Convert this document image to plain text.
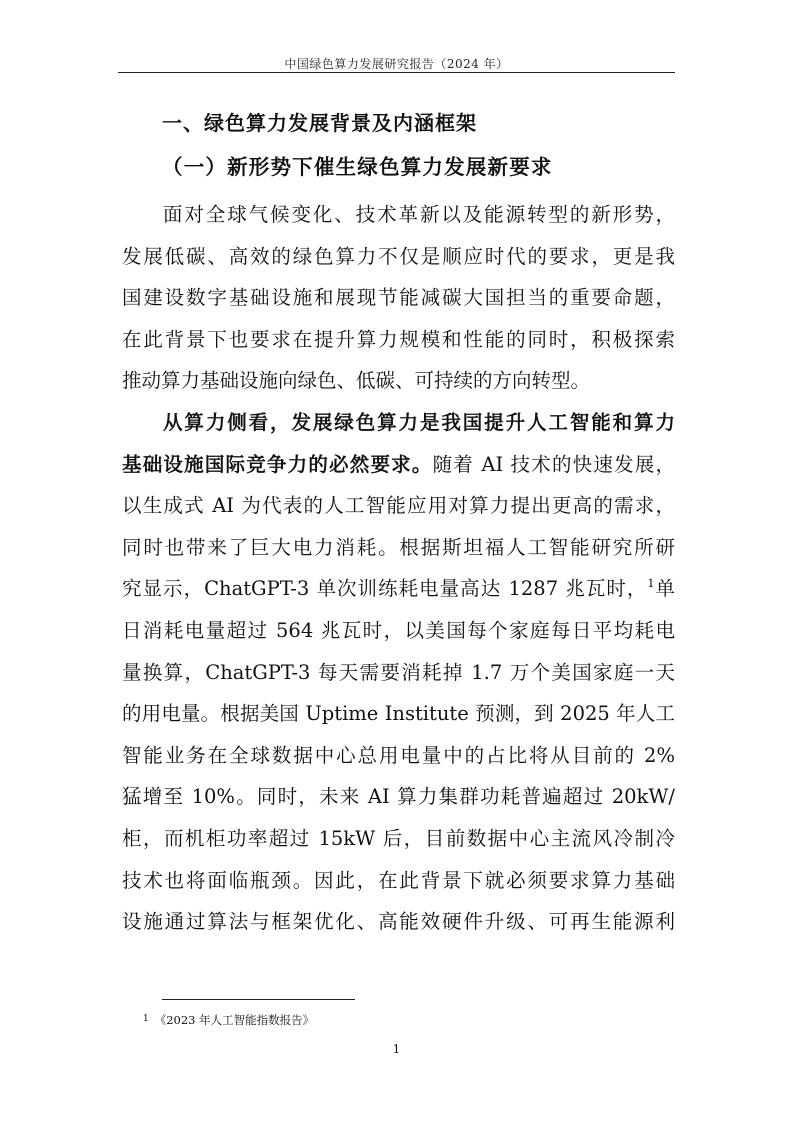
中国绿色算力发展研究报告（2024 年）
一、绿色算力发展背景及内涵框架
（一）新形势下催生绿色算力发展新要求
面对全球气候变化、技术革新以及能源转型的新形势，
发展低碳、高效的绿色算力不仅是顺应时代的要求，更是我
国建设数字基础设施和展现节能减碳大国担当的重要命题，
在此背景下也要求在提升算力规模和性能的同时，积极探索
推动算力基础设施向绿色、低碳、可持续的方向转型。
从算力侧看，发展绿色算力是我国提升人工智能和算力
基础设施国际竞争力的必然要求。随着 AI 技术的快速发展，
以生成式 AI 为代表的人工智能应用对算力提出更高的需求，
同时也带来了巨大电力消耗。根据斯坦福人工智能研究所研
究显示，ChatGPT-3 单次训练耗电量高达 1287 兆瓦时，$^1$单
日消耗电量超过 564 兆瓦时，以美国每个家庭每日平均耗电
量换算，ChatGPT-3 每天需要消耗掉 1.7 万个美国家庭一天
的用电量。根据美国 Uptime Institute 预测，到 2025 年人工
智能业务在全球数据中心总用电量中的占比将从目前的 2%
猛增至 10%。同时，未来 AI 算力集群功耗普遍超过 20kW/
柜，而机柜功率超过 15kW 后，目前数据中心主流风冷制冷
技术也将面临瓶颈。因此，在此背景下就必须要求算力基础
设施通过算法与框架优化、高能效硬件升级、可再生能源利
$^1$ 《2023 年人工智能指数报告》
1
